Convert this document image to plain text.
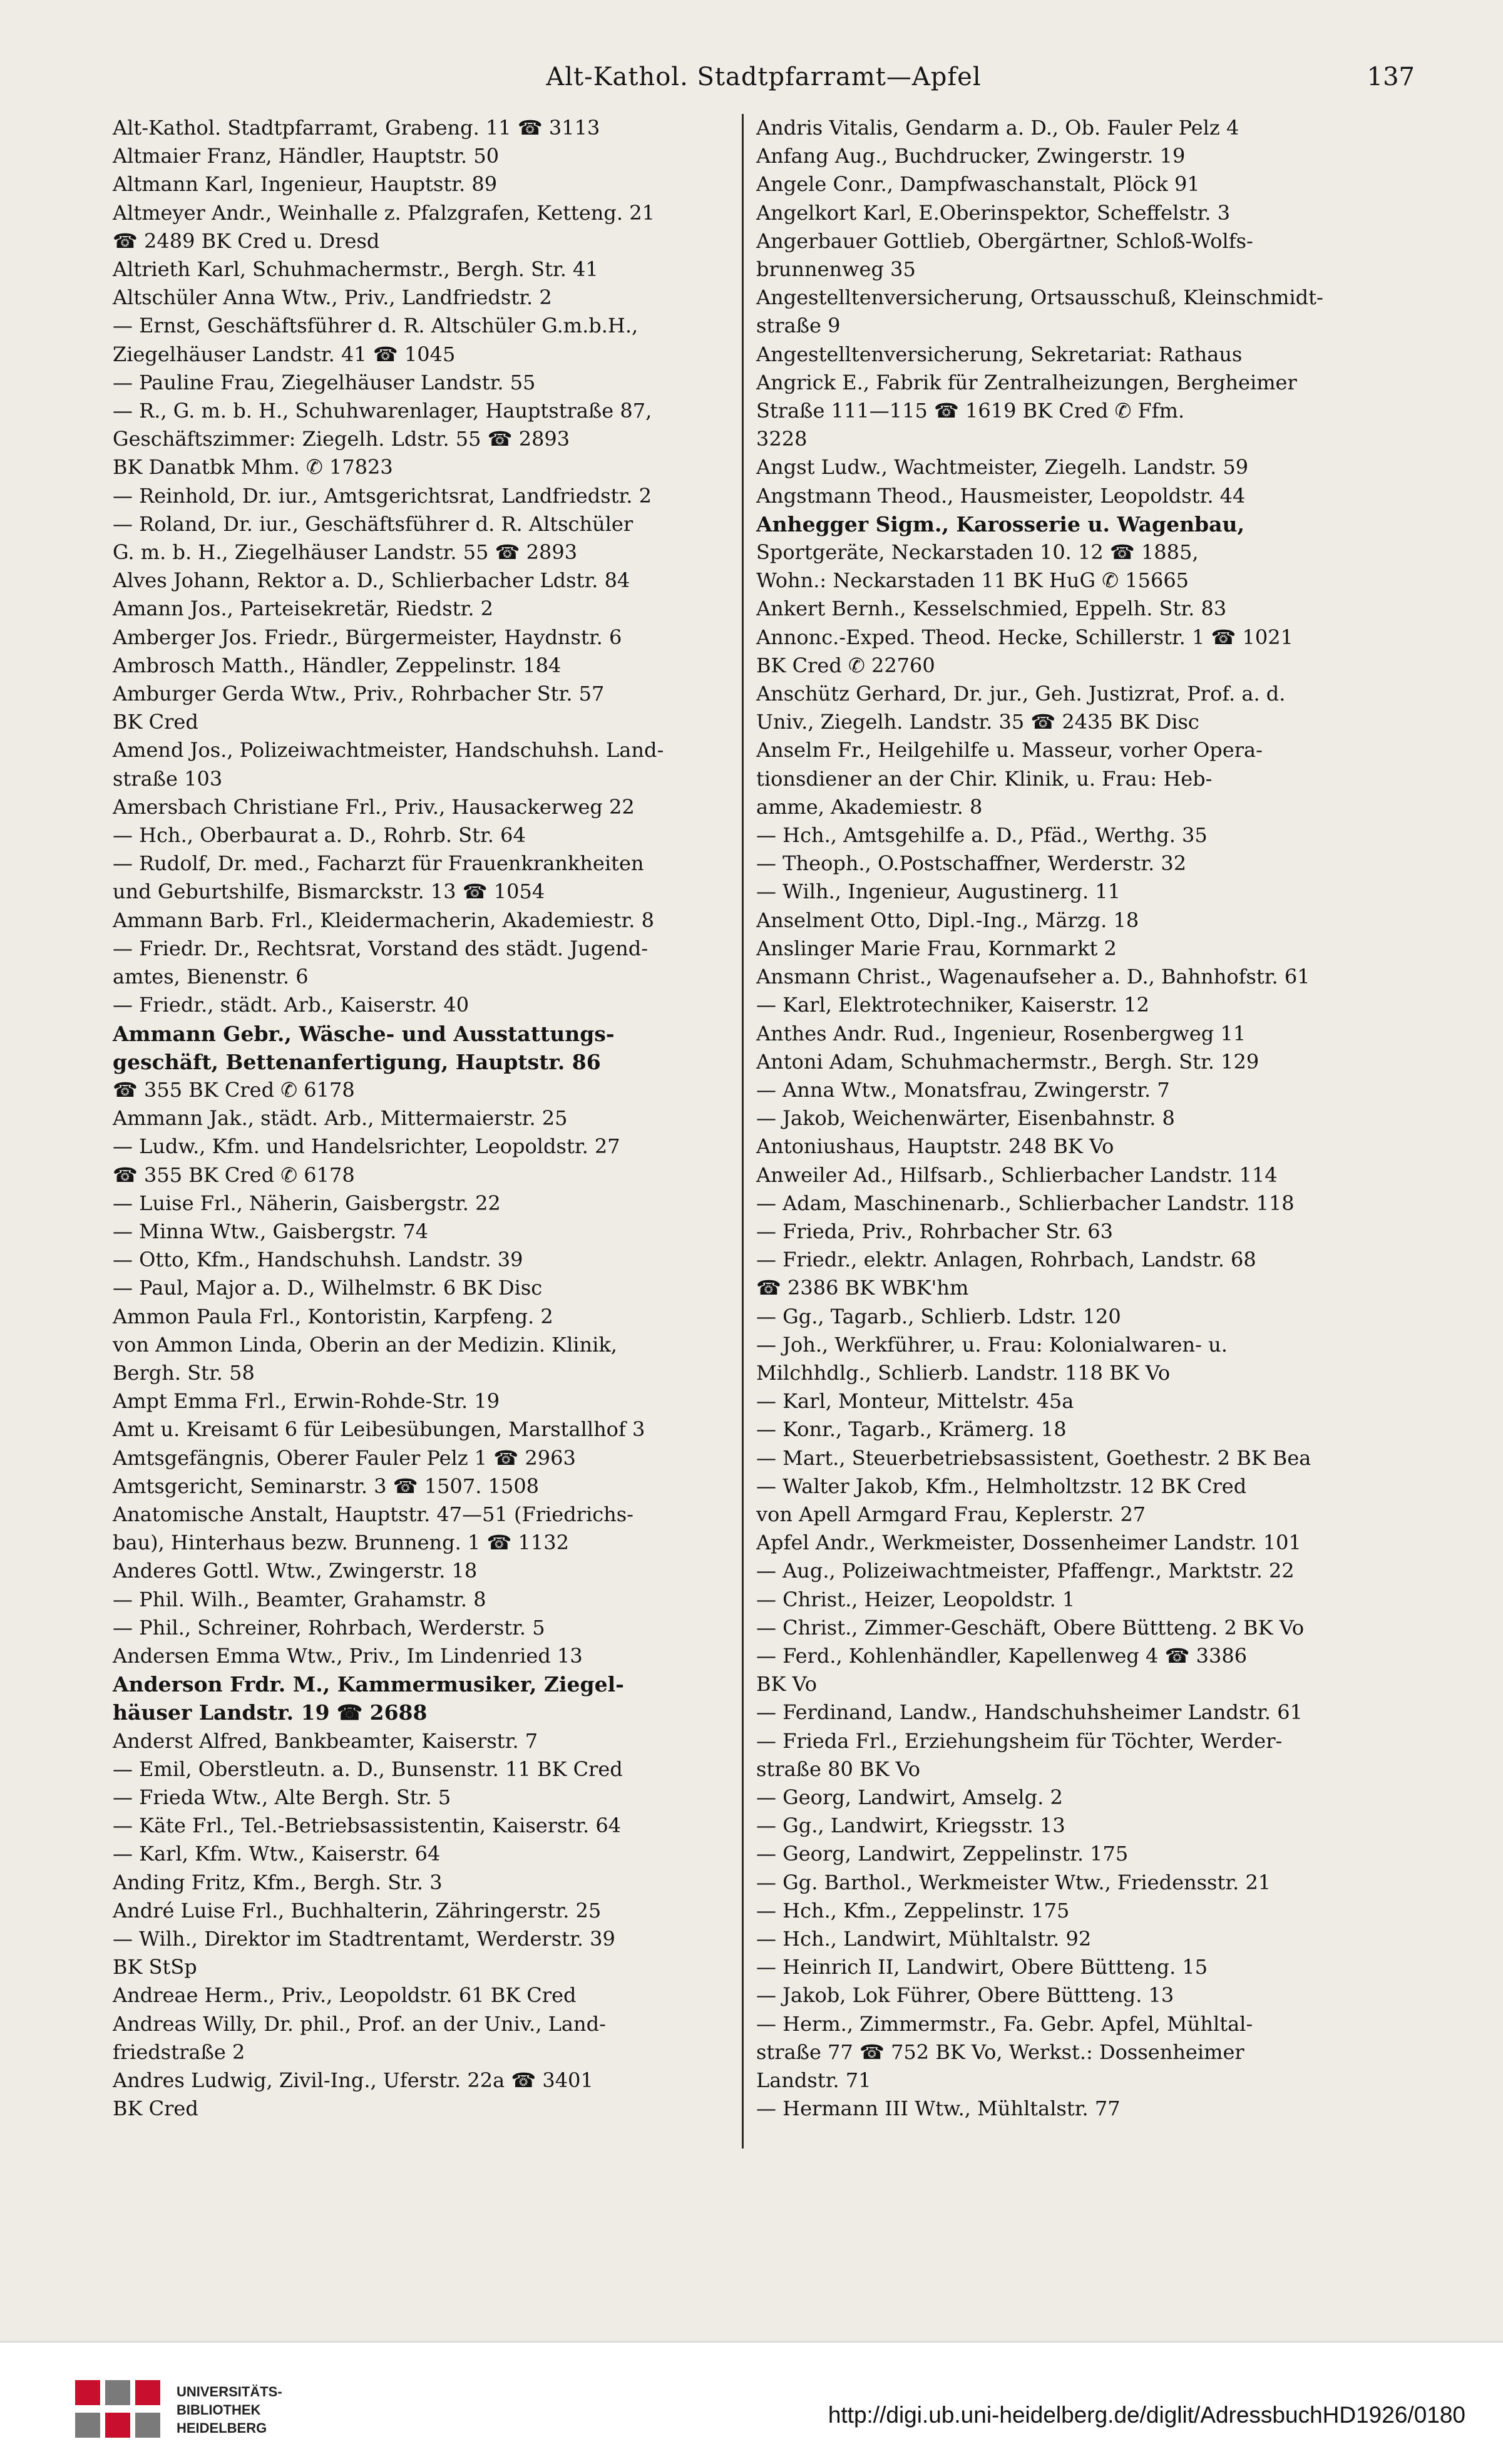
Alt-Kathol. Stadtpfarramt—Apfel	137
Alt-Kathol. Stadtpfarramt, Grabeng. 11 ☎ 3113
Altmaier Franz, Händler, Hauptstr. 50
Altmann Karl, Ingenieur, Hauptstr. 89
Altmeyer Andr., Weinhalle z. Pfalzgrafen, Ketteng. 21
☎ 2489 BK Cred u. Dresd
Altrieth Karl, Schuhmachermstr., Bergh. Str. 41
Altschüler Anna Wtw., Priv., Landfriedstr. 2
— Ernst, Geschäftsführer d. R. Altschüler G.m.b.H.,
Ziegelhäuser Landstr. 41 ☎ 1045
— Pauline Frau, Ziegelhäuser Landstr. 55
— R., G. m. b. H., Schuhwarenlager, Hauptstraße 87,
Geschäftszimmer: Ziegelh. Ldstr. 55 ☎ 2893
BK Danatbk Mhm. ✆ 17823
— Reinhold, Dr. iur., Amtsgerichtsrat, Landfriedstr. 2
— Roland, Dr. iur., Geschäftsführer d. R. Altschüler
G. m. b. H., Ziegelhäuser Landstr. 55 ☎ 2893
Alves Johann, Rektor a. D., Schlierbacher Ldstr. 84
Amann Jos., Parteisekretär, Riedstr. 2
Amberger Jos. Friedr., Bürgermeister, Haydnstr. 6
Ambrosch Matth., Händler, Zeppelinstr. 184
Amburger Gerda Wtw., Priv., Rohrbacher Str. 57
BK Cred
Amend Jos., Polizeiwachtmeister, Handschuhsh. Land-
straße 103
Amersbach Christiane Frl., Priv., Hausackerweg 22
— Hch., Oberbaurat a. D., Rohrb. Str. 64
— Rudolf, Dr. med., Facharzt für Frauenkrankheiten
und Geburtshilfe, Bismarckstr. 13 ☎ 1054
Ammann Barb. Frl., Kleidermacherin, Akademiestr. 8
— Friedr. Dr., Rechtsrat, Vorstand des städt. Jugend-
amtes, Bienenstr. 6
— Friedr., städt. Arb., Kaiserstr. 40
Ammann Gebr., Wäsche- und Ausstattungs-
geschäft, Bettenanfertigung, Hauptstr. 86
☎ 355 BK Cred ✆ 6178
Ammann Jak., städt. Arb., Mittermaierstr. 25
— Ludw., Kfm. und Handelsrichter, Leopoldstr. 27
☎ 355 BK Cred ✆ 6178
— Luise Frl., Näherin, Gaisbergstr. 22
— Minna Wtw., Gaisbergstr. 74
— Otto, Kfm., Handschuhsh. Landstr. 39
— Paul, Major a. D., Wilhelmstr. 6 BK Disc
Ammon Paula Frl., Kontoristin, Karpfeng. 2
von Ammon Linda, Oberin an der Medizin. Klinik,
Bergh. Str. 58
Ampt Emma Frl., Erwin-Rohde-Str. 19
Amt u. Kreisamt 6 für Leibesübungen, Marstallhof 3
Amtsgefängnis, Oberer Fauler Pelz 1 ☎ 2963
Amtsgericht, Seminarstr. 3 ☎ 1507. 1508
Anatomische Anstalt, Hauptstr. 47—51 (Friedrichs-
bau), Hinterhaus bezw. Brunneng. 1 ☎ 1132
Anderes Gottl. Wtw., Zwingerstr. 18
— Phil. Wilh., Beamter, Grahamstr. 8
— Phil., Schreiner, Rohrbach, Werderstr. 5
Andersen Emma Wtw., Priv., Im Lindenried 13
Anderson Frdr. M., Kammermusiker, Ziegel-
häuser Landstr. 19 ☎ 2688
Anderst Alfred, Bankbeamter, Kaiserstr. 7
— Emil, Oberstleutn. a. D., Bunsenstr. 11 BK Cred
— Frieda Wtw., Alte Bergh. Str. 5
— Käte Frl., Tel.-Betriebsassistentin, Kaiserstr. 64
— Karl, Kfm. Wtw., Kaiserstr. 64
Anding Fritz, Kfm., Bergh. Str. 3
André Luise Frl., Buchhalterin, Zähringerstr. 25
— Wilh., Direktor im Stadtrentamt, Werderstr. 39
BK StSp
Andreae Herm., Priv., Leopoldstr. 61 BK Cred
Andreas Willy, Dr. phil., Prof. an der Univ., Land-
friedstraße 2
Andres Ludwig, Zivil-Ing., Uferstr. 22a ☎ 3401
BK Cred
Andris Vitalis, Gendarm a. D., Ob. Fauler Pelz 4
Anfang Aug., Buchdrucker, Zwingerstr. 19
Angele Conr., Dampfwaschanstalt, Plöck 91
Angelkort Karl, E.Oberinspektor, Scheffelstr. 3
Angerbauer Gottlieb, Obergärtner, Schloß-Wolfs-
brunnenweg 35
Angestelltenversicherung, Ortsausschuß, Kleinschmidt-
straße 9
Angestelltenversicherung, Sekretariat: Rathaus
Angrick E., Fabrik für Zentralheizungen, Bergheimer
Straße 111—115 ☎ 1619 BK Cred ✆ Ffm.
3228
Angst Ludw., Wachtmeister, Ziegelh. Landstr. 59
Angstmann Theod., Hausmeister, Leopoldstr. 44
Anhegger Sigm., Karosserie u. Wagenbau,
Sportgeräte, Neckarstaden 10. 12 ☎ 1885,
Wohn.: Neckarstaden 11 BK HuG ✆ 15665
Ankert Bernh., Kesselschmied, Eppelh. Str. 83
Annonc.-Exped. Theod. Hecke, Schillerstr. 1 ☎ 1021
BK Cred ✆ 22760
Anschütz Gerhard, Dr. jur., Geh. Justizrat, Prof. a. d.
Univ., Ziegelh. Landstr. 35 ☎ 2435 BK Disc
Anselm Fr., Heilgehilfe u. Masseur, vorher Opera-
tionsdiener an der Chir. Klinik, u. Frau: Heb-
amme, Akademiestr. 8
— Hch., Amtsgehilfe a. D., Pfäd., Werthg. 35
— Theoph., O.Postschaffner, Werderstr. 32
— Wilh., Ingenieur, Augustinerg. 11
Anselment Otto, Dipl.-Ing., Märzg. 18
Anslinger Marie Frau, Kornmarkt 2
Ansmann Christ., Wagenaufseher a. D., Bahnhofstr. 61
— Karl, Elektrotechniker, Kaiserstr. 12
Anthes Andr. Rud., Ingenieur, Rosenbergweg 11
Antoni Adam, Schuhmachermstr., Bergh. Str. 129
— Anna Wtw., Monatsfrau, Zwingerstr. 7
— Jakob, Weichenwärter, Eisenbahnstr. 8
Antoniushaus, Hauptstr. 248 BK Vo
Anweiler Ad., Hilfsarb., Schlierbacher Landstr. 114
— Adam, Maschinenarb., Schlierbacher Landstr. 118
— Frieda, Priv., Rohrbacher Str. 63
— Friedr., elektr. Anlagen, Rohrbach, Landstr. 68
☎ 2386 BK WBK'hm
— Gg., Tagarb., Schlierb. Ldstr. 120
— Joh., Werkführer, u. Frau: Kolonialwaren- u.
Milchhdlg., Schlierb. Landstr. 118 BK Vo
— Karl, Monteur, Mittelstr. 45a
— Konr., Tagarb., Krämerg. 18
— Mart., Steuerbetriebsassistent, Goethestr. 2 BK Bea
— Walter Jakob, Kfm., Helmholtzstr. 12 BK Cred
von Apell Armgard Frau, Keplerstr. 27
Apfel Andr., Werkmeister, Dossenheimer Landstr. 101
— Aug., Polizeiwachtmeister, Pfaffengr., Marktstr. 22
— Christ., Heizer, Leopoldstr. 1
— Christ., Zimmer-Geschäft, Obere Büttteng. 2 BK Vo
— Ferd., Kohlenhändler, Kapellenweg 4 ☎ 3386
BK Vo
— Ferdinand, Landw., Handschuhsheimer Landstr. 61
— Frieda Frl., Erziehungsheim für Töchter, Werder-
straße 80 BK Vo
— Georg, Landwirt, Amselg. 2
— Gg., Landwirt, Kriegsstr. 13
— Georg, Landwirt, Zeppelinstr. 175
— Gg. Barthol., Werkmeister Wtw., Friedensstr. 21
— Hch., Kfm., Zeppelinstr. 175
— Hch., Landwirt, Mühltalstr. 92
— Heinrich II, Landwirt, Obere Büttteng. 15
— Jakob, Lok Führer, Obere Büttteng. 13
— Herm., Zimmermstr., Fa. Gebr. Apfel, Mühltal-
straße 77 ☎ 752 BK Vo, Werkst.: Dossenheimer
Landstr. 71
— Hermann III Wtw., Mühltalstr. 77
UNIVERSITÄTS-
BIBLIOTHEK
HEIDELBERG
http://digi.ub.uni-heidelberg.de/diglit/AdressbuchHD1926/0180
